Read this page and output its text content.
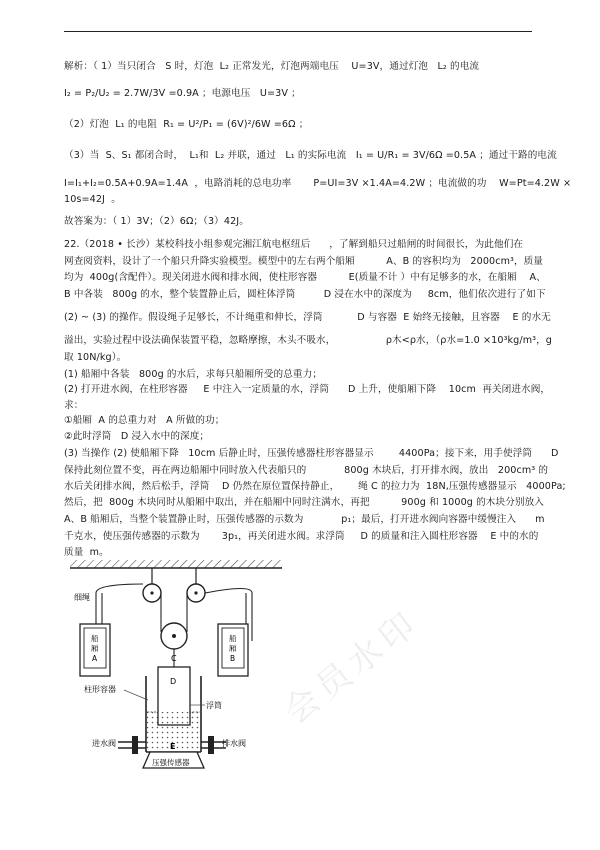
解析：（ 1）当只闭合   S 时，灯泡  L₂ 正常发光，灯泡两端电压    U=3V，通过灯泡   L₂ 的电流
I₂ = P₂/U₂ = 2.7W/3V =0.9A ；电源电压   U=3V ；
（2）灯泡  L₁ 的电阻  R₁ = U²/P₁ = (6V)²/6W =6Ω ；
（3）当  S、S₁ 都闭合时，  L₁和  L₂ 并联，通过   L₁ 的实际电流   I₁ = U/R₁ = 3V/6Ω =0.5A ；通过干路的电流
I=I₁+I₂=0.5A+0.9A=1.4A  ，电路消耗的总电功率       P=UI=3V ×1.4A=4.2W ；电流做的功    W=Pt=4.2W ×
10s=42J  。
故答案为：（ 1）3V；（2）6Ω；（3）42J。
22.（2018 • 长沙）某校科技小组参观完湘江航电枢纽后      ，了解到船只过船闸的时间很长，为此他们在
网查阅资料，设计了一个船只升降实验模型。模型中的左右两个船厢          A、B 的容积均为   2000cm³，质量
均为  400g(含配件）。现关闭进水阀和排水阀，使柱形容器          E(质量不计 ）中有足够多的水，在船厢    A、
B 中各装   800g 的水，整个装置静止后，圆柱体浮筒         D 浸在水中的深度为     8cm，他们依次进行了如下
(2) ~ (3) 的操作。假设绳子足够长，不计绳重和伸长，浮筒           D 与容器  E 始终无接触，且容器    E 的水无
溢出，实验过程中设法确保装置平稳，忽略摩擦，木头不吸水，                ρ木<ρ水，（ρ水=1.0 ×10³kg/m³，g
取 10N/kg）。
(1) 船厢中各装   800g 的水后，求每只船厢所受的总重力；
(2) 打开进水阀，在柱形容器     E 中注入一定质量的水，浮筒      D 上升，使船厢下降    10cm  再关闭进水阀，
求：
①船厢  A 的总重力对   A 所做的功；
②此时浮筒   D 浸入水中的深度；
(3) 当操作 (2) 使船厢下降   10cm 后静止时，压强传感器柱形容器显示        4400Pa；接下来，用手使浮筒      D
保持此刻位置不变，再在两边船厢中同时放入代表船只的            800g 木块后，打开排水阀，放出   200cm³ 的
水后关闭排水阀，然后松手，浮筒    D 仍然在原位置保持静止，      绳 C 的拉力为  18N,压强传感器显示   4000Pa;
然后，把  800g 木块同时从船厢中取出，并在船厢中同时注满水，再把          900g 和 1000g 的木块分别放入
A、B 船厢后，当整个装置静止时，压强传感器的示数为            p₁；最后，打开进水阀向容器中缓慢注入      m
千克水，使压强传感器的示数为       3p₁，再关闭进水阀。求浮筒     D 的质量和注入圆柱形容器    E 中的水的
质量  m。
会员水印
C
船
厢
A
船
厢
B
细绳
D
柱形容器
浮筒
进水阀	排水阀
E
压强传感器
